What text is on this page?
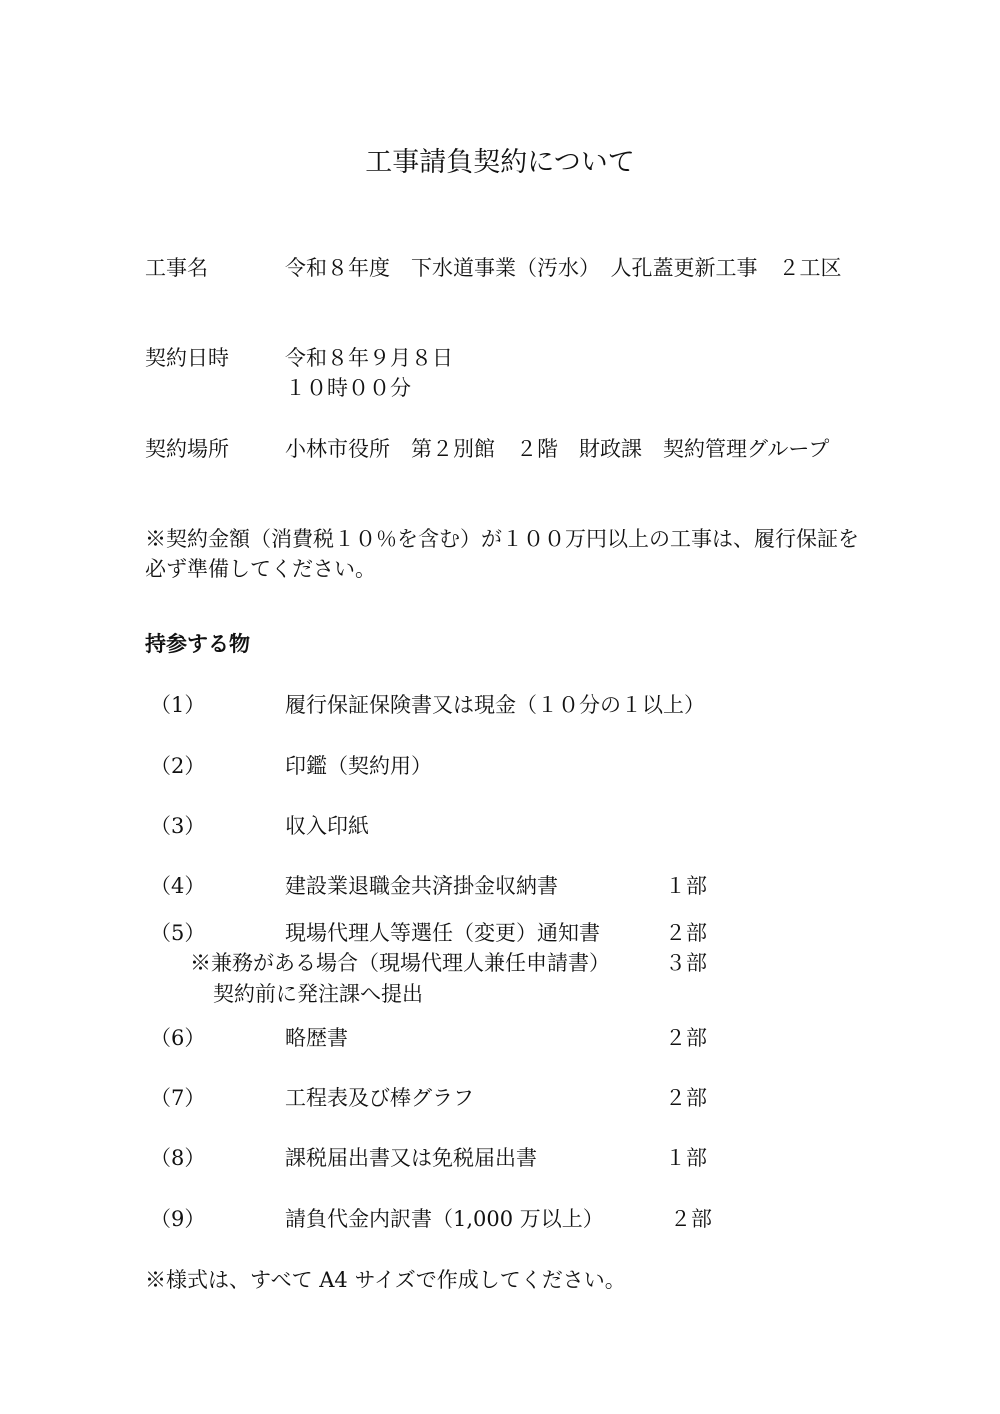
工事請負契約について
工事名	令和８年度　下水道事業（汚水）　人孔蓋更新工事　２工区
契約日時	令和８年９月８日
１０時００分
契約場所	小林市役所　第２別館　２階　財政課　契約管理グループ
※契約金額（消費税１０％を含む）が１００万円以上の工事は、履行保証を必ず準備してください。
持参する物
（1）	履行保証保険書又は現金（１０分の１以上）
（2）	印鑑（契約用）
（3）	収入印紙
（4）	建設業退職金共済掛金収納書	１部
（5）	現場代理人等選任（変更）通知書	２部
※兼務がある場合（現場代理人兼任申請書）	３部
契約前に発注課へ提出
（6）	略歴書	２部
（7）	工程表及び棒グラフ	２部
（8）	課税届出書又は免税届出書	１部
（9）	請負代金内訳書（1,000 万以上）	２部
※様式は、すべて A4 サイズで作成してください。
